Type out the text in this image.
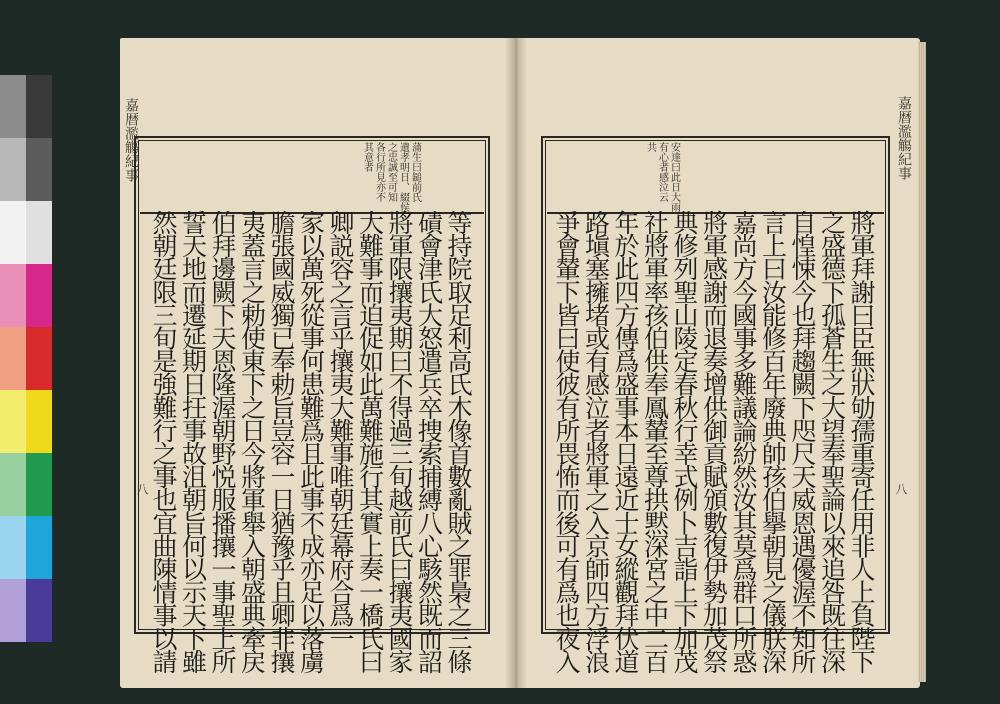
嘉暦濫觴紀事	蒲生曰鎚前氏
遺孝明日、綴侯
之忠誠至可知
各行所見亦不
其意者
等持院取足利高氏木像首數亂賊之罪梟之三條
磧會津氏大怒遣兵卒捜索捕縛八心駭然既而詔
將軍限攘夷期曰不得過三旬越前氏曰攘夷國家
大難事而迫促如此萬難施行其實上奏一橋氏曰
卿説容之言乎攘夷大難事唯朝廷幕府合爲一
家以萬死從事何患難爲且此事不成亦足以落虜
膽張國威獨已奉勅旨豈容一日猶豫乎且卿非攘
夷蓋言之勅使東下之日今將軍舉入朝盛典牽戻
伯拜邊闕下天恩隆渥朝野悦服播攘一事聖上所
誓天地而遷延期日抂事故沮朝旨何以示天下雖
然朝廷限三旬是強難行之事也宜曲陳情事以請
八
安達曰此日大雨
有心者感泣云
共
將軍拜謝曰臣無狀劬孺重寄任用非人上負陛下
之盛德下孤蒼生之大望奉聖論以來追咎既往深
自惶悚今也拜趨闕下咫尺天威恩遇優渥不知所
言上曰汝能修百年廢典帥孩伯擧朝見之儀朕深
嘉尚方今國事多難議論紛然汝其莫爲群口所惑
將軍感謝而退奏增供御貢賦頒數復伊勢加茂祭
典修列聖山陵定春秋行幸式例卜吉詣上下加茂
社將軍率孩伯供奉鳳輦至尊拱黙深宮之中二百
年於此四方傳爲盛事本日遠近士女縱觀拜伏道
路塡塞擁堵或有感泣者將軍之入京師四方浮浪
爭會輦下皆曰使彼有所畏怖而後可有爲也夜入
嘉暦濫觴紀事
八
